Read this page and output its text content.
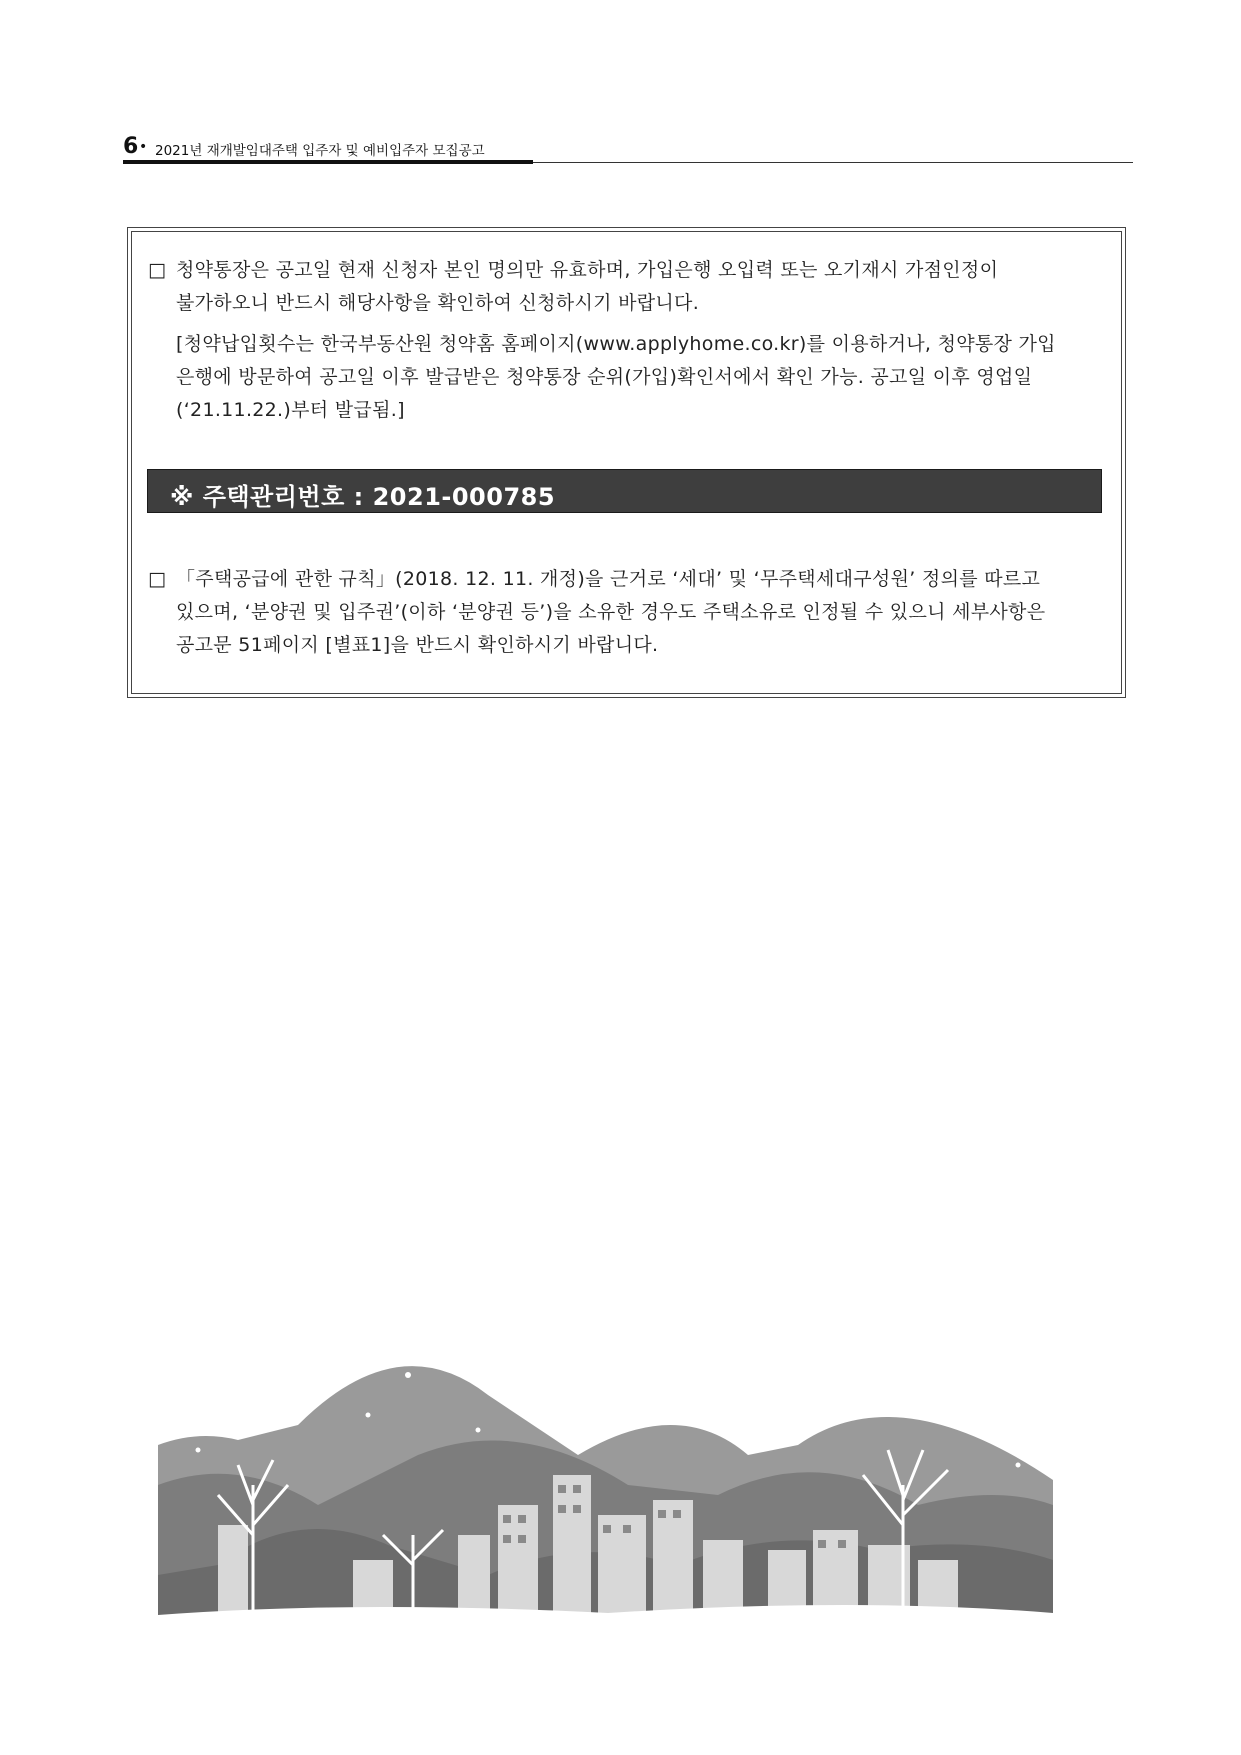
6 • 2021년 재개발임대주택 입주자 및 예비입주자 모집공고
□ 청약통장은 공고일 현재 신청자 본인 명의만 유효하며, 가입은행 오입력 또는 오기재시 가점인정이
불가하오니 반드시 해당사항을 확인하여 신청하시기 바랍니다.
[청약납입횟수는 한국부동산원 청약홈 홈페이지(www.applyhome.co.kr)를 이용하거나, 청약통장 가입
은행에 방문하여 공고일 이후 발급받은 청약통장 순위(가입)확인서에서 확인 가능. 공고일 이후 영업일
(‘21.11.22.)부터 발급됨.]
※ 주택관리번호 : 2021-000785
□ 「주택공급에 관한 규칙」(2018. 12. 11. 개정)을 근거로 ‘세대’ 및 ‘무주택세대구성원’ 정의를 따르고
있으며, ‘분양권 및 입주권’(이하 ‘분양권 등’)을 소유한 경우도 주택소유로 인정될 수 있으니 세부사항은
공고문 51페이지 [별표1]을 반드시 확인하시기 바랍니다.
